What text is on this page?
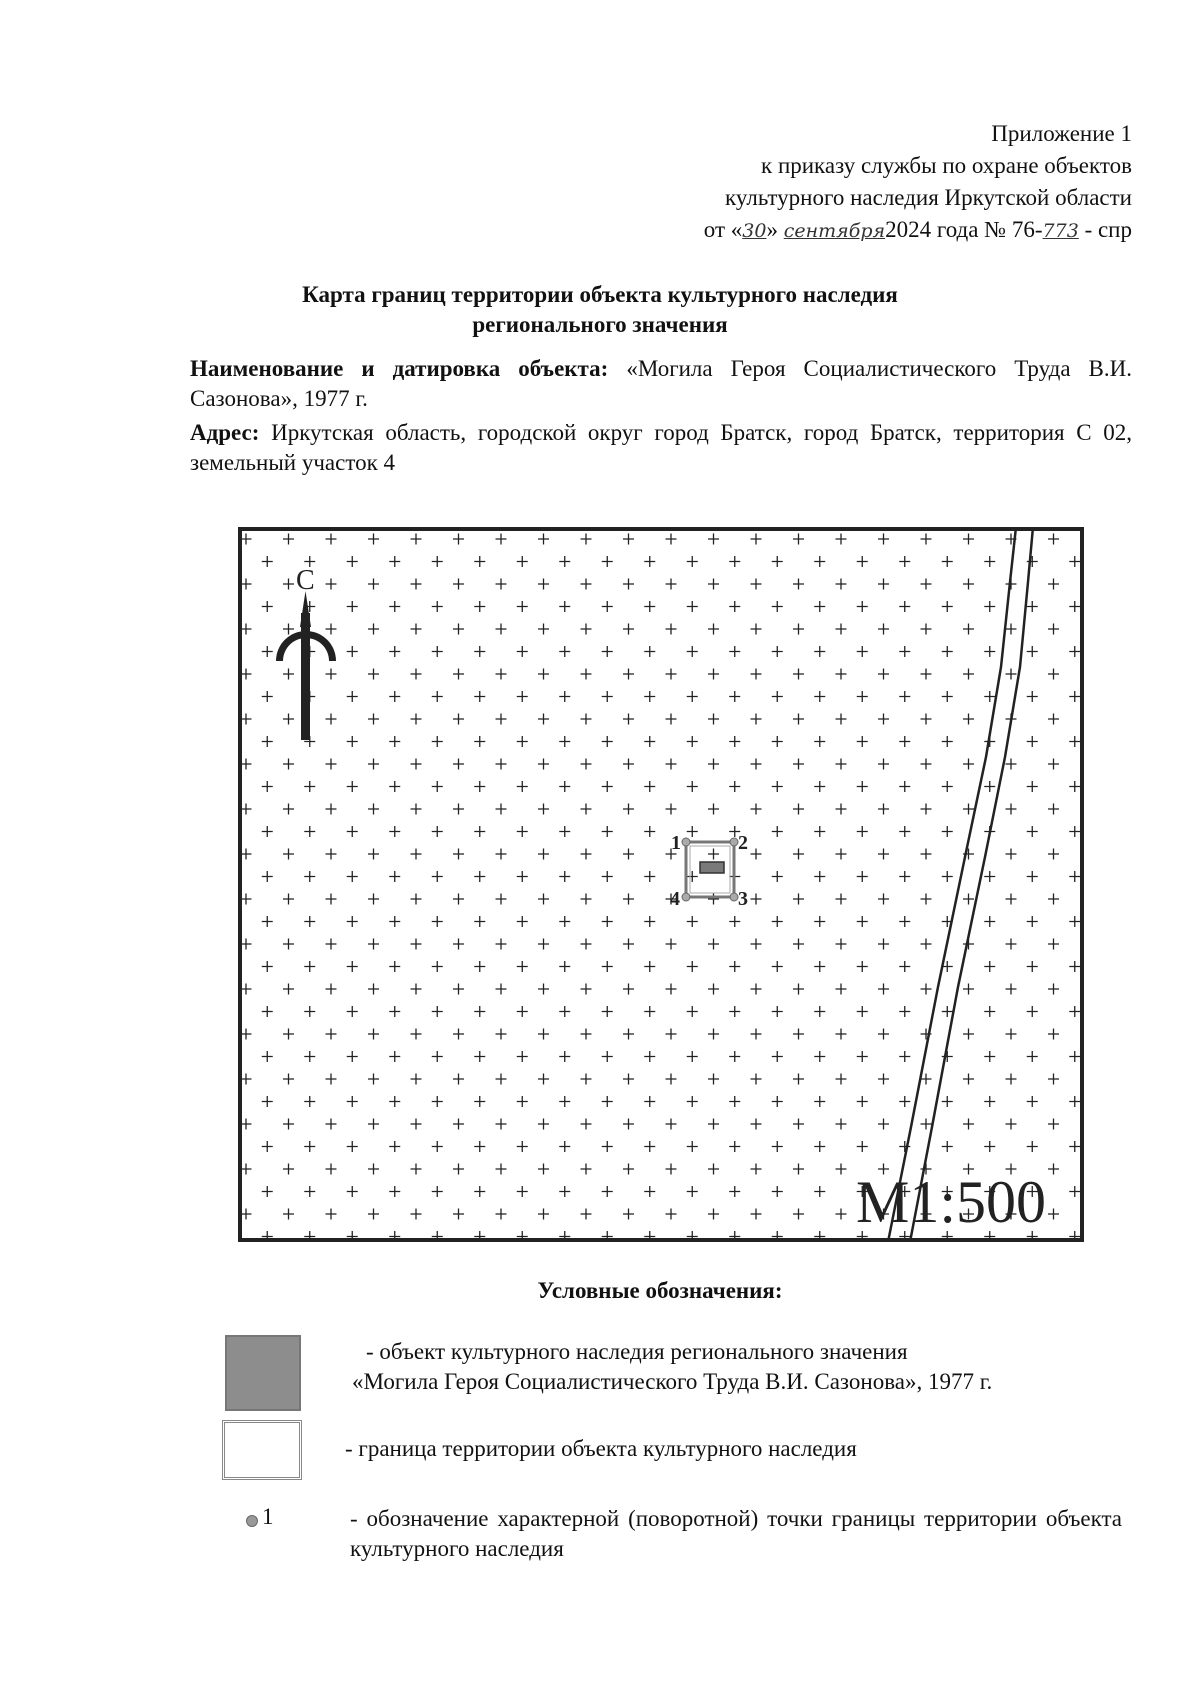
Приложение 1
к приказу службы по охране объектов
культурного наследия Иркутской области
от «30» сентября2024 года № 76-773 - спр
Карта границ территории объекта культурного наследия
регионального значения
Наименование и датировка объекта: «Могила Героя Социалистического Труда В.И. Сазонова», 1977 г.
Адрес: Иркутская область, городской округ город Братск, город Братск, территория С 02, земельный участок 4
С
1	2
3
4
M1:500
Условные обозначения:
- объект культурного наследия регионального значения
«Могила Героя Социалистического Труда В.И. Сазонова», 1977 г.
- граница территории объекта культурного наследия
1	- обозначение характерной (поворотной) точки границы территории объекта культурного наследия
